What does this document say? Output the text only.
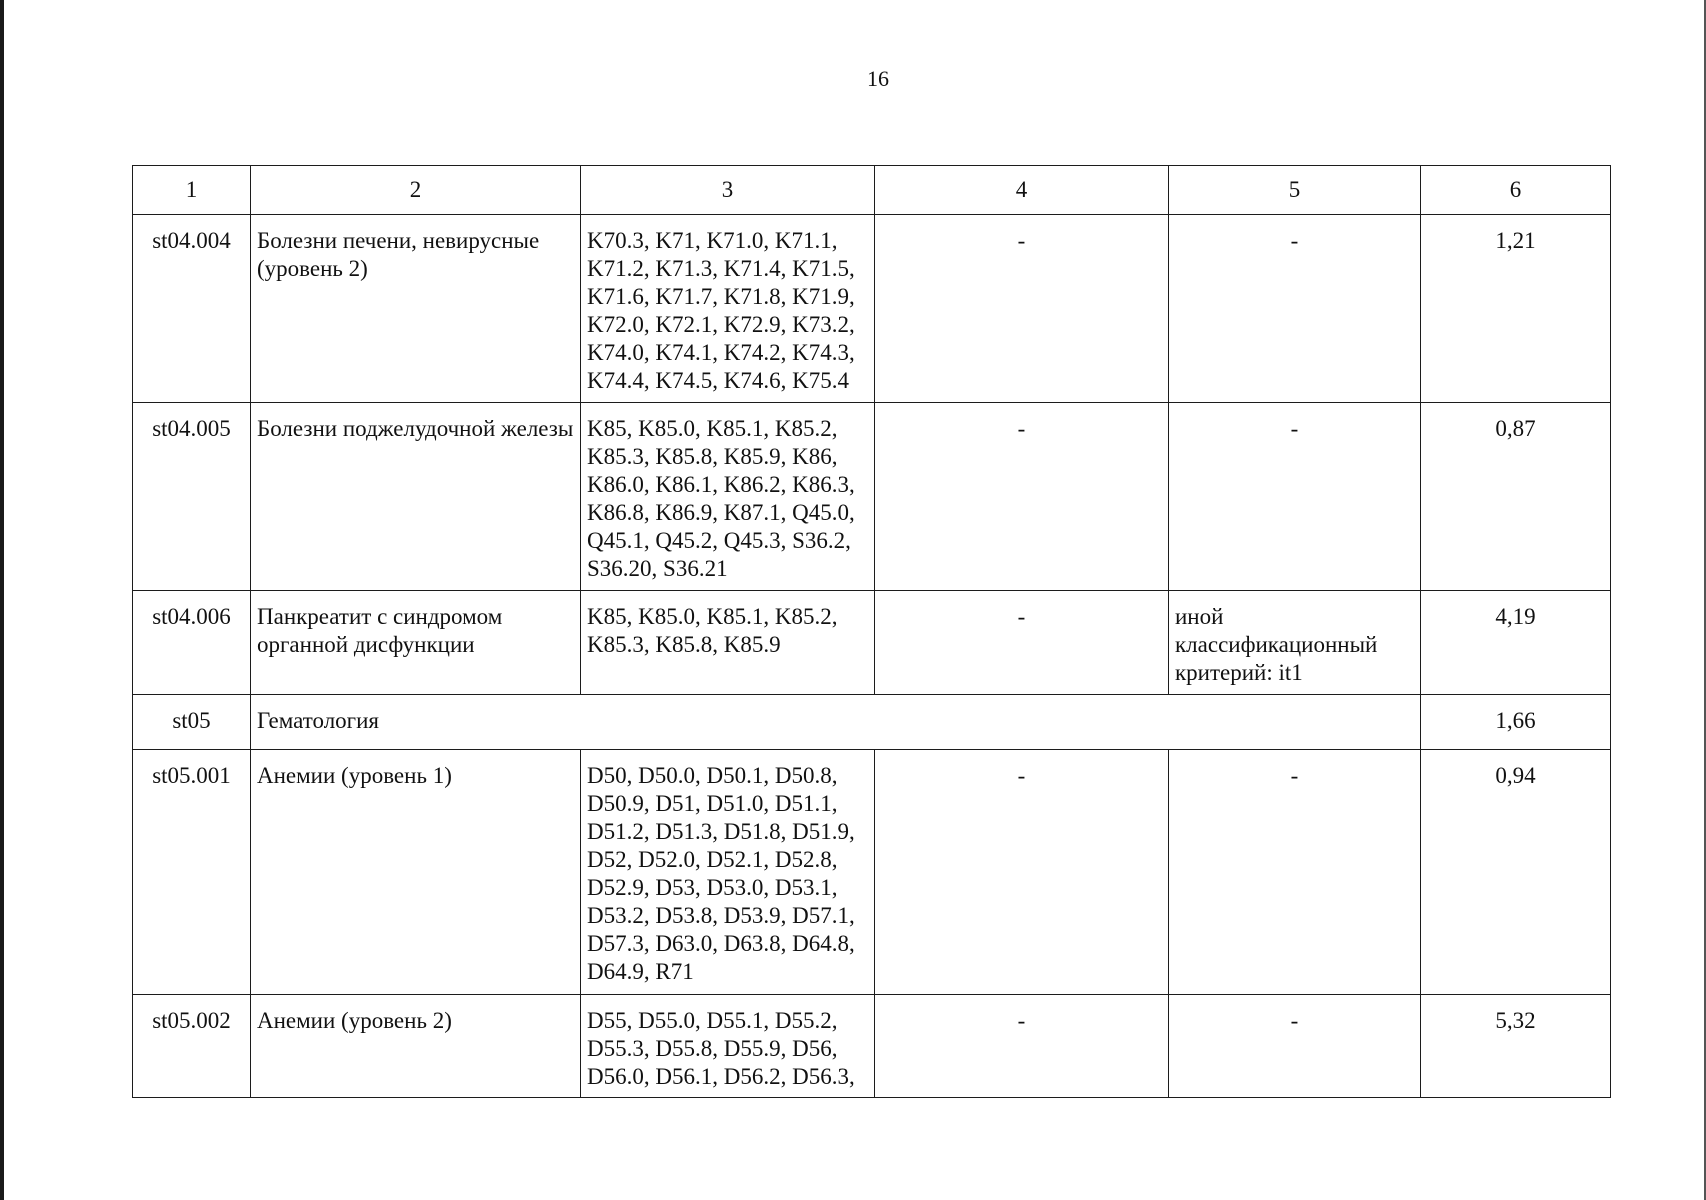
16
1	2	3	4	5	6
st04.004	Болезни печени, невирусные (уровень 2)	K70.3, K71, K71.0, K71.1, K71.2, K71.3, K71.4, K71.5, K71.6, K71.7, K71.8, K71.9, K72.0, K72.1, K72.9, K73.2, K74.0, K74.1, K74.2, K74.3, K74.4, K74.5, K74.6, K75.4	-	-	1,21
st04.005	Болезни поджелудочной железы	K85, K85.0, K85.1, K85.2, K85.3, K85.8, K85.9, K86, K86.0, K86.1, K86.2, K86.3, K86.8, K86.9, K87.1, Q45.0, Q45.1, Q45.2, Q45.3, S36.2, S36.20, S36.21	-	-	0,87
st04.006	Панкреатит с синдромом органной дисфункции	K85, K85.0, K85.1, K85.2, K85.3, K85.8, K85.9	-	иной классификационный критерий: it1	4,19
st05	Гематология				1,66
st05.001	Анемии (уровень 1)	D50, D50.0, D50.1, D50.8, D50.9, D51, D51.0, D51.1, D51.2, D51.3, D51.8, D51.9, D52, D52.0, D52.1, D52.8, D52.9, D53, D53.0, D53.1, D53.2, D53.8, D53.9, D57.1, D57.3, D63.0, D63.8, D64.8, D64.9, R71	-	-	0,94
st05.002	Анемии (уровень 2)	D55, D55.0, D55.1, D55.2, D55.3, D55.8, D55.9, D56, D56.0, D56.1, D56.2, D56.3,	-	-	5,32
